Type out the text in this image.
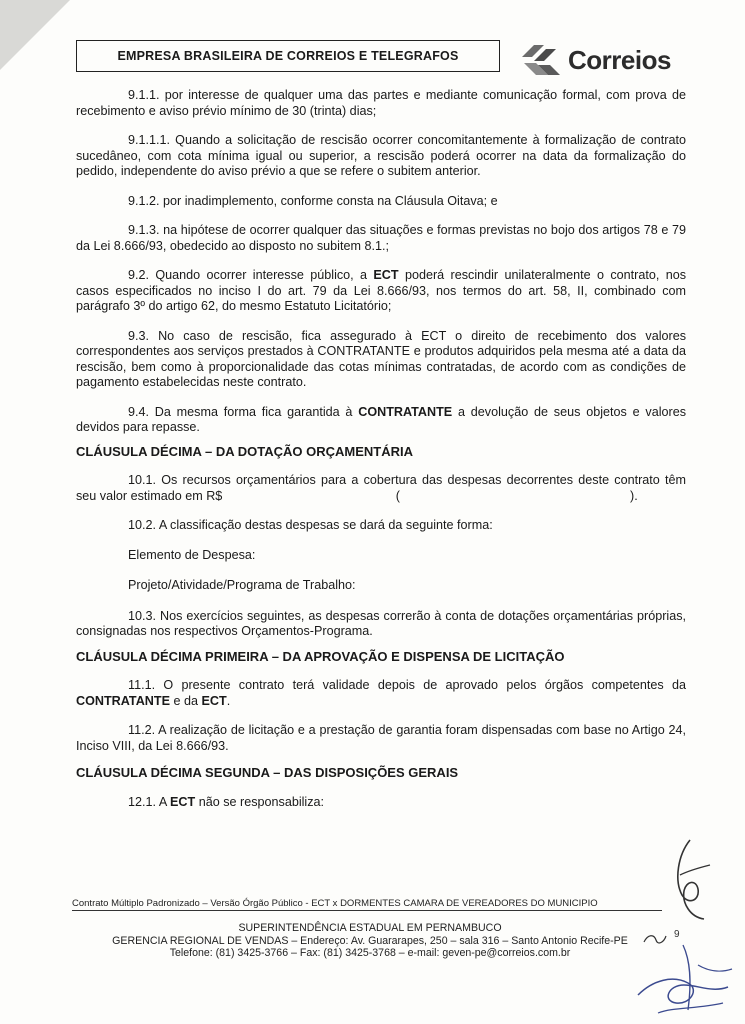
EMPRESA BRASILEIRA DE CORREIOS E TELEGRAFOS	Correios

9.1.1. por interesse de qualquer uma das partes e mediante comunicação formal, com prova de recebimento e aviso prévio mínimo de 30 (trinta) dias;

9.1.1.1. Quando a solicitação de rescisão ocorrer concomitantemente à formalização de contrato sucedâneo, com cota mínima igual ou superior, a rescisão poderá ocorrer na data da formalização do pedido, independente do aviso prévio a que se refere o subitem anterior.

9.1.2. por inadimplemento, conforme consta na Cláusula Oitava; e

9.1.3. na hipótese de ocorrer qualquer das situações e formas previstas no bojo dos artigos 78 e 79 da Lei 8.666/93, obedecido ao disposto no subitem 8.1.;

9.2. Quando ocorrer interesse público, a ECT poderá rescindir unilateralmente o contrato, nos casos especificados no inciso I do art. 79 da Lei 8.666/93, nos termos do art. 58, II, combinado com parágrafo 3º do artigo 62, do mesmo Estatuto Licitatório;

9.3. No caso de rescisão, fica assegurado à ECT o direito de recebimento dos valores correspondentes aos serviços prestados à CONTRATANTE e produtos adquiridos pela mesma até a data da rescisão, bem como à proporcionalidade das cotas mínimas contratadas, de acordo com as condições de pagamento estabelecidas neste contrato.

9.4. Da mesma forma fica garantida à CONTRATANTE a devolução de seus objetos e valores devidos para repasse.

CLÁUSULA DÉCIMA – DA DOTAÇÃO ORÇAMENTÁRIA

10.1. Os recursos orçamentários para a cobertura das despesas decorrentes deste contrato têm seu valor estimado em R$	(	).

10.2. A classificação destas despesas se dará da seguinte forma:

Elemento de Despesa:

Projeto/Atividade/Programa de Trabalho:

10.3. Nos exercícios seguintes, as despesas correrão à conta de dotações orçamentárias próprias, consignadas nos respectivos Orçamentos-Programa.

CLÁUSULA DÉCIMA PRIMEIRA – DA APROVAÇÃO E DISPENSA DE LICITAÇÃO

11.1. O presente contrato terá validade depois de aprovado pelos órgãos competentes da CONTRATANTE e da ECT.

11.2. A realização de licitação e a prestação de garantia foram dispensadas com base no Artigo 24, Inciso VIII, da Lei 8.666/93.

CLÁUSULA DÉCIMA SEGUNDA – DAS DISPOSIÇÕES GERAIS

12.1. A ECT não se responsabiliza:

Contrato Múltiplo Padronizado – Versão Órgão Público - ECT x DORMENTES CAMARA DE VEREADORES DO MUNICIPIO
SUPERINTENDÊNCIA ESTADUAL EM PERNAMBUCO
GERENCIA REGIONAL DE VENDAS – Endereço: Av. Guararapes, 250 – sala 316 – Santo Antonio Recife-PE
Telefone: (81) 3425-3766 – Fax: (81) 3425-3768 – e-mail: geven-pe@correios.com.br
9
